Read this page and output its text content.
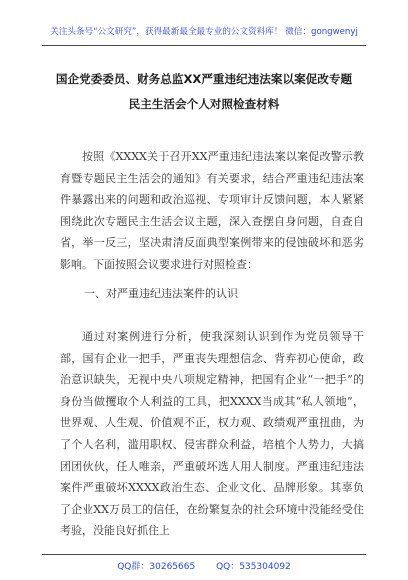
关注头条号“公文研究”，获得最新最全最专业的公文资料库！ 微信：gongwenyj
国企党委委员、财务总监XX严重违纪违法案以案促改专题
民主生活会个人对照检查材料

按照《XXXX关于召开XX严重违纪违法案以案促改警示教育暨专题民主生活会的通知》有关要求，结合严重违纪违法案件暴露出来的问题和政治巡视、专项审计反馈问题，本人紧紧围绕此次专题民主生活会议主题，深入查摆自身问题，自查自省，举一反三，坚决肃清反面典型案例带来的侵蚀破坏和恶劣影响。下面按照会议要求进行对照检查：

一、对严重违纪违法案件的认识

通过对案例进行分析，使我深刻认识到作为党员领导干部，国有企业一把手，严重丧失理想信念、背弃初心使命，政治意识缺失，无视中央八项规定精神，把国有企业“一把手”的身份当做攫取个人利益的工具，把XXXX当成其“私人领地”，世界观、人生观、价值观不正，权力观、政绩观严重扭曲，为了个人名利，滥用职权、侵害群众利益，培植个人势力，大搞团团伙伙，任人唯亲，严重破坏选人用人制度。严重违纪违法案件严重破坏XXXX政治生态、企业文化、品牌形象。其辜负了企业XX万员工的信任，在纷繁复杂的社会环境中没能经受住考验，没能良好抓住上

QQ群：30265665 QQ：535304092
